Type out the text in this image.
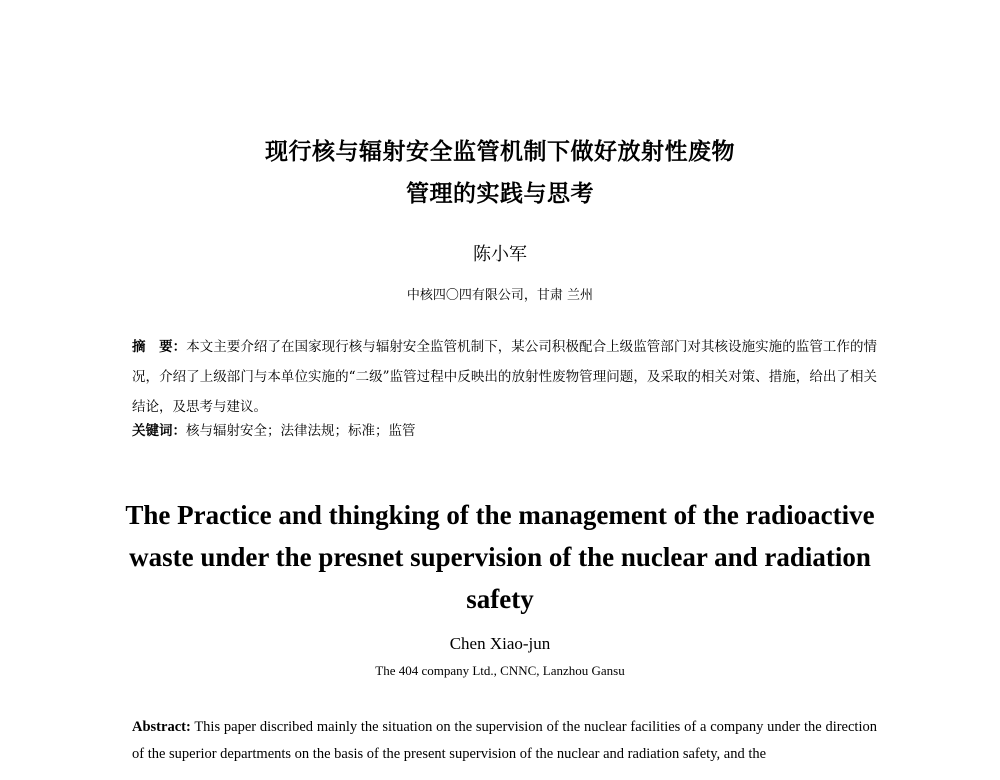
现行核与辐射安全监管机制下做好放射性废物
管理的实践与思考
陈小军
中核四〇四有限公司，甘肃 兰州
摘　要：本文主要介绍了在国家现行核与辐射安全监管机制下，某公司积极配合上级监管部门对其核设施实施的监管工作的情况，介绍了上级部门与本单位实施的“二级”监管过程中反映出的放射性废物管理问题，及采取的相关对策、措施，给出了相关结论，及思考与建议。
关键词：核与辐射安全；法律法规；标准；监管
The Practice and thingking of the management of the radioactive
waste under the presnet supervision of the nuclear and radiation
safety
Chen Xiao-jun
The 404 company Ltd., CNNC, Lanzhou Gansu
Abstract: This paper discribed mainly the situation on the supervision of the nuclear facilities of a company under the direction of the superior departments on the basis of the present supervision of the nuclear and radiation safety, and the
